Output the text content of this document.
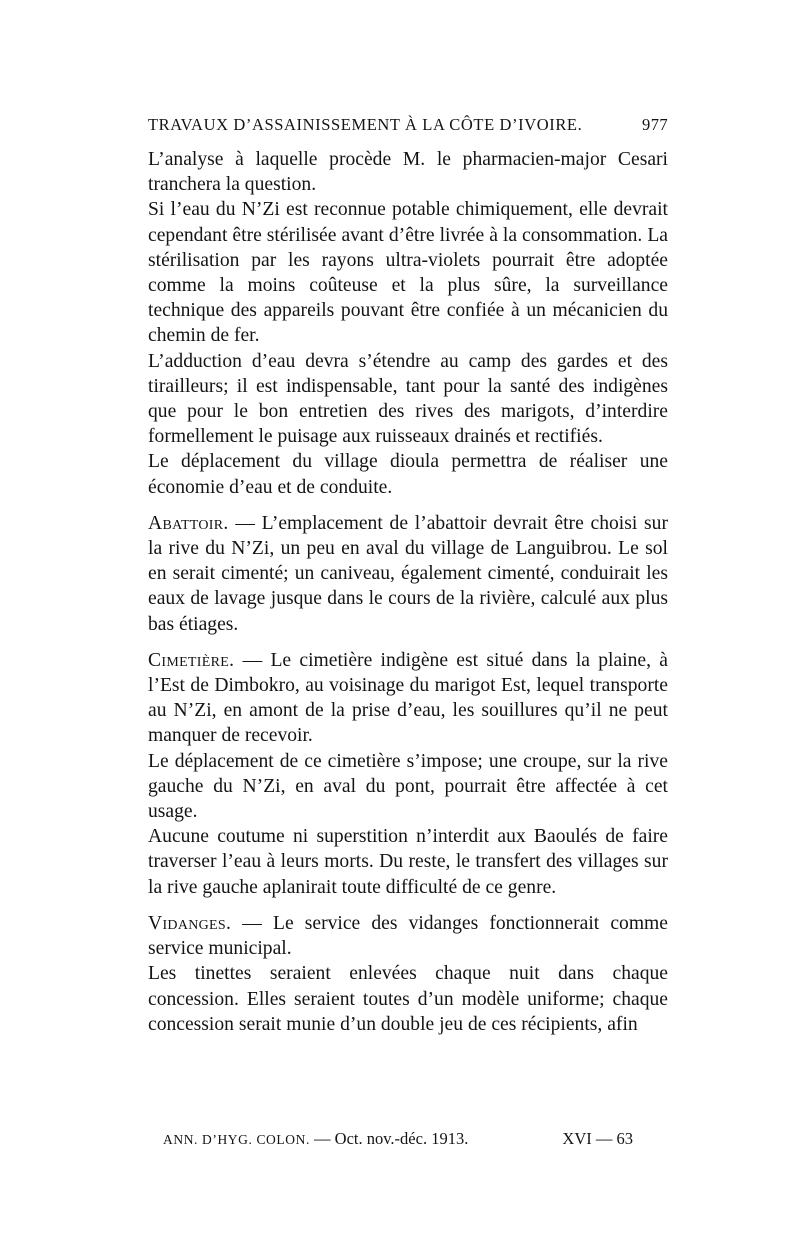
TRAVAUX D’ASSAINISSEMENT À LA CÔTE D’IVOIRE.	977

L’analyse à laquelle procède M. le pharmacien-major Cesari tranchera la question.

Si l’eau du N’Zi est reconnue potable chimiquement, elle devrait cependant être stérilisée avant d’être livrée à la consommation. La stérilisation par les rayons ultra-violets pourrait être adoptée comme la moins coûteuse et la plus sûre, la surveillance technique des appareils pouvant être confiée à un mécanicien du chemin de fer.

L’adduction d’eau devra s’étendre au camp des gardes et des tirailleurs; il est indispensable, tant pour la santé des indigènes que pour le bon entretien des rives des marigots, d’interdire formellement le puisage aux ruisseaux drainés et rectifiés.

Le déplacement du village dioula permettra de réaliser une économie d’eau et de conduite.

Abattoir. — L’emplacement de l’abattoir devrait être choisi sur la rive du N’Zi, un peu en aval du village de Languibrou. Le sol en serait cimenté; un caniveau, également cimenté, conduirait les eaux de lavage jusque dans le cours de la rivière, calculé aux plus bas étiages.

Cimetière. — Le cimetière indigène est situé dans la plaine, à l’Est de Dimbokro, au voisinage du marigot Est, lequel transporte au N’Zi, en amont de la prise d’eau, les souillures qu’il ne peut manquer de recevoir.

Le déplacement de ce cimetière s’impose; une croupe, sur la rive gauche du N’Zi, en aval du pont, pourrait être affectée à cet usage.

Aucune coutume ni superstition n’interdit aux Baoulés de faire traverser l’eau à leurs morts. Du reste, le transfert des villages sur la rive gauche aplanirait toute difficulté de ce genre.

Vidanges. — Le service des vidanges fonctionnerait comme service municipal.

Les tinettes seraient enlevées chaque nuit dans chaque concession. Elles seraient toutes d’un modèle uniforme; chaque concession serait munie d’un double jeu de ces récipients, afin

ANN. D’HYG. COLON. — Oct. nov.-déc. 1913.	XVI — 63
